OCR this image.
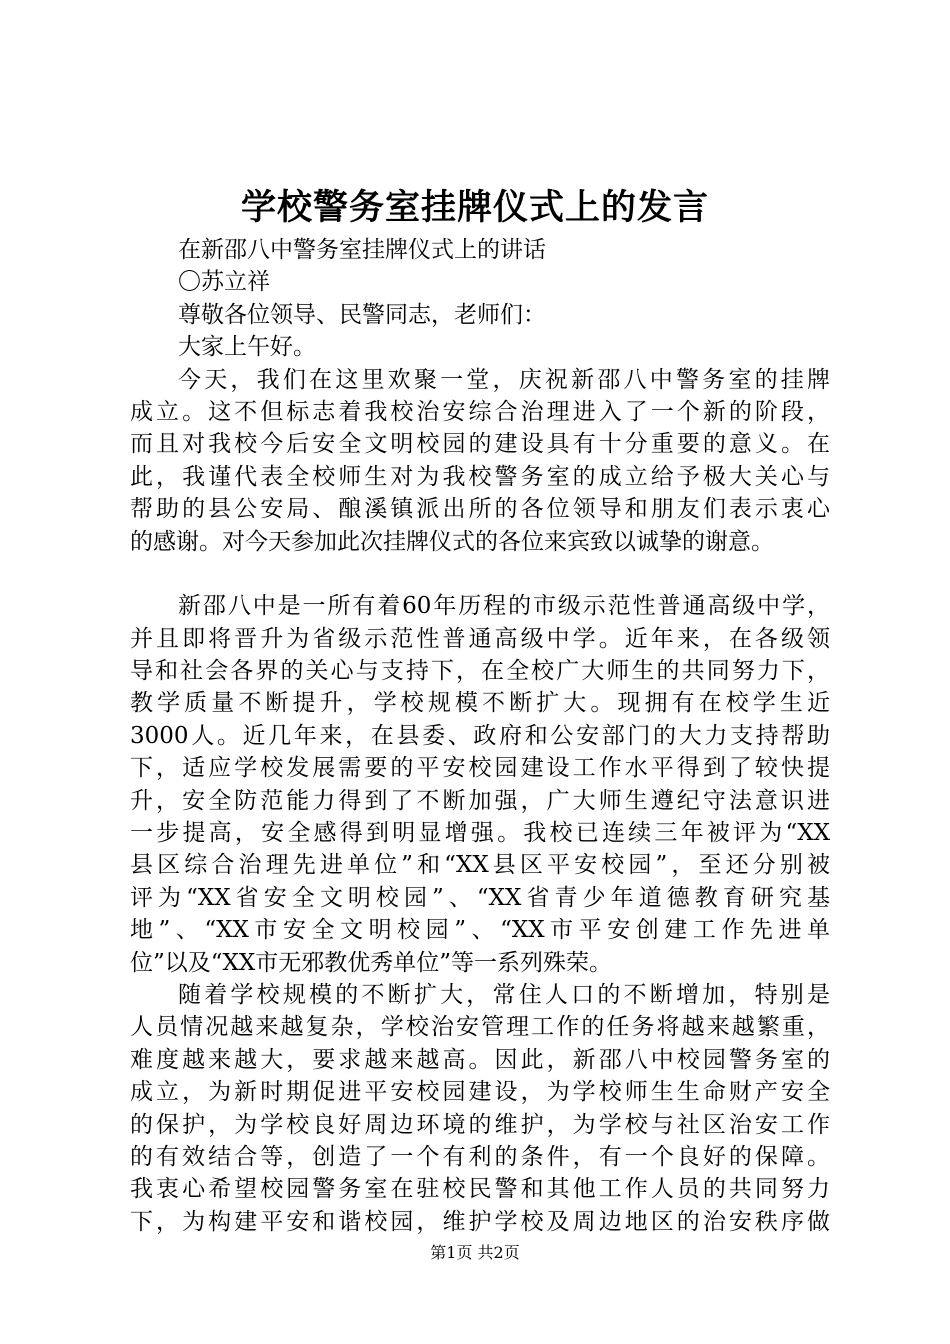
学校警务室挂牌仪式上的发言
在新邵八中警务室挂牌仪式上的讲话
〇苏立祥
尊敬各位领导、民警同志，老师们：
大家上午好。
今天，我们在这里欢聚一堂，庆祝新邵八中警务室的挂牌
成立。这不但标志着我校治安综合治理进入了一个新的阶段，
而且对我校今后安全文明校园的建设具有十分重要的意义。在
此，我谨代表全校师生对为我校警务室的成立给予极大关心与
帮助的县公安局、酿溪镇派出所的各位领导和朋友们表示衷心
的感谢。对今天参加此次挂牌仪式的各位来宾致以诚挚的谢意。
新邵八中是一所有着60年历程的市级示范性普通高级中学，
并且即将晋升为省级示范性普通高级中学。近年来，在各级领
导和社会各界的关心与支持下，在全校广大师生的共同努力下，
教学质量不断提升，学校规模不断扩大。现拥有在校学生近
3000人。近几年来，在县委、政府和公安部门的大力支持帮助
下，适应学校发展需要的平安校园建设工作水平得到了较快提
升，安全防范能力得到了不断加强，广大师生遵纪守法意识进
一步提高，安全感得到明显增强。我校已连续三年被评为“XX
县区综合治理先进单位”和“XX县区平安校园”，至还分别被
评为“XX省安全文明校园”、“XX省青少年道德教育研究基
地”、“XX市安全文明校园”、“XX市平安创建工作先进单
位”以及“XX市无邪教优秀单位”等一系列殊荣。
随着学校规模的不断扩大，常住人口的不断增加，特别是
人员情况越来越复杂，学校治安管理工作的任务将越来越繁重，
难度越来越大，要求越来越高。因此，新邵八中校园警务室的
成立，为新时期促进平安校园建设，为学校师生生命财产安全
的保护，为学校良好周边环境的维护，为学校与社区治安工作
的有效结合等，创造了一个有利的条件，有一个良好的保障。
我衷心希望校园警务室在驻校民警和其他工作人员的共同努力
下，为构建平安和谐校园，维护学校及周边地区的治安秩序做
第1页 共2页
